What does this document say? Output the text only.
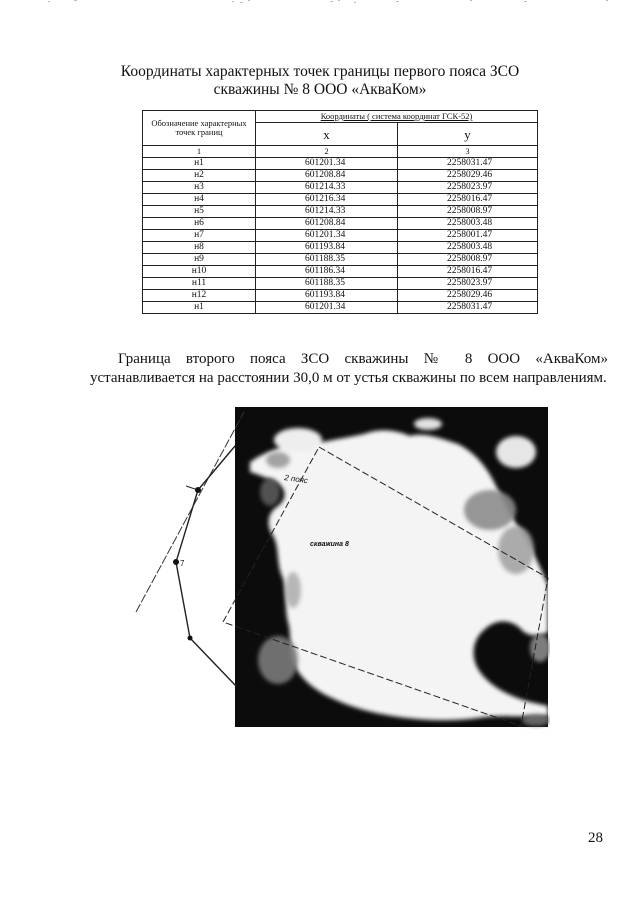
Координаты характерных точек границы первого пояса ЗСО
скважины № 8 ООО «АкваКом»
Обозначение характерных точек границ	Координаты ( система координат ГСК-52)	
	x	у
1	2	3
н1	601201.34	2258031.47
н2	601208.84	2258029.46
н3	601214.33	2258023.97
н4	601216.34	2258016.47
н5	601214.33	2258008.97
н6	601208.84	2258003.48
н7	601201.34	2258001.47
н8	601193.84	2258003.48
н9	601188.35	2258008.97
н10	601186.34	2258016.47
н11	601188.35	2258023.97
н12	601193.84	2258029.46
н1	601201.34	2258031.47
Граница второго пояса ЗСО скважины № 8 ООО «АкваКом»
устанавливается на расстоянии 30,0 м от устья скважины по всем направлениям.
7
2 пояс
скважина 8
28
